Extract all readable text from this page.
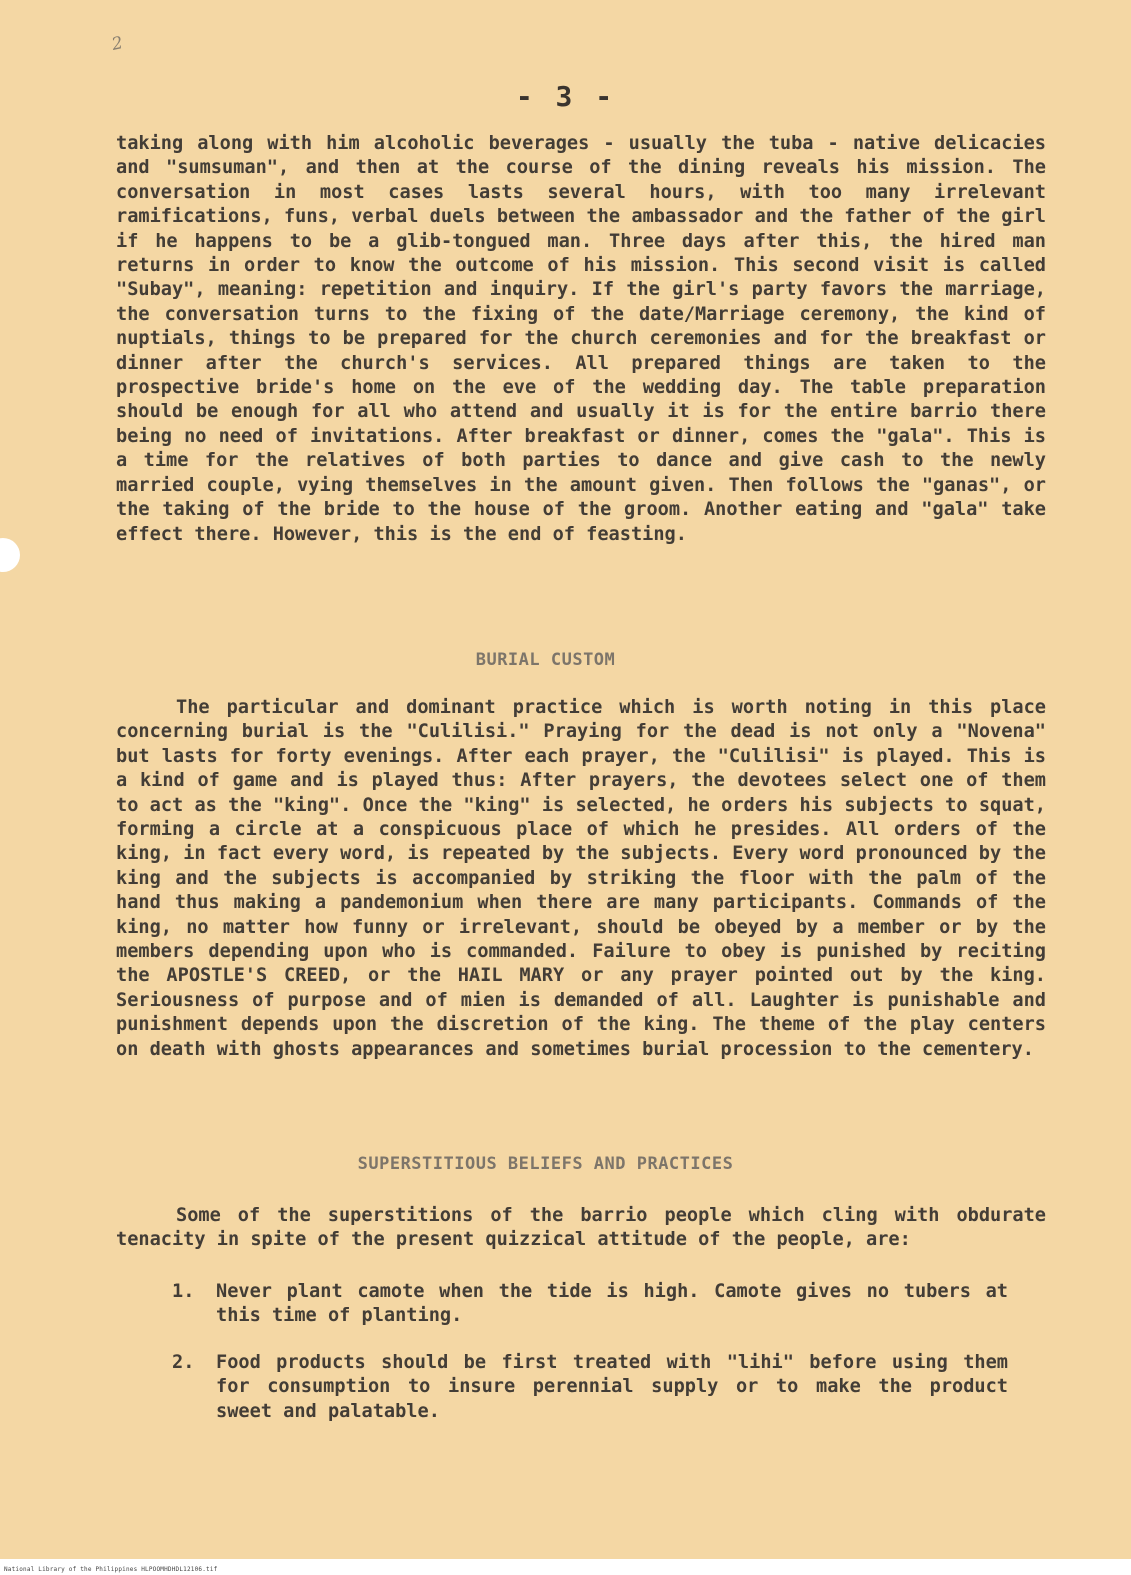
2
- 3 -

taking along with him alcoholic beverages - usually the tuba - native delicacies and "sumsuman", and then at the course of the dining reveals his mission. The conversation in most cases lasts several hours, with too many irrelevant ramifications, funs, verbal duels between the ambassador and the father of the girl if he happens to be a glib-tongued man. Three days after this, the hired man returns in order to know the outcome of his mission. This second visit is called "Subay", meaning: repetition and inquiry. If the girl's party favors the marriage, the conversation turns to the fixing of the date/Marriage ceremony, the kind of nuptials, things to be prepared for the church ceremonies and for the breakfast or dinner after the church's services. All prepared things are taken to the prospective bride's home on the eve of the wedding day. The table preparation should be enough for all who attend and usually it is for the entire barrio there being no need of invitations. After breakfast or dinner, comes the "gala". This is a time for the relatives of both parties to dance and give cash to the newly married couple, vying themselves in the amount given. Then follows the "ganas", or the taking of the bride to the house of the groom. Another eating and "gala" take effect there. However, this is the end of feasting.

BURIAL CUSTOM

The particular and dominant practice which is worth noting in this place concerning burial is the "Culilisi." Praying for the dead is not only a "Novena" but lasts for forty evenings. After each prayer, the "Culilisi" is played. This is a kind of game and is played thus: After prayers, the devotees select one of them to act as the "king". Once the "king" is selected, he orders his subjects to squat, forming a circle at a conspicuous place of which he presides. All orders of the king, in fact every word, is repeated by the subjects. Every word pronounced by the king and the subjects is accompanied by striking the floor with the palm of the hand thus making a pandemonium when there are many participants. Commands of the king, no matter how funny or irrelevant, should be obeyed by a member or by the members depending upon who is commanded. Failure to obey is punished by reciting the APOSTLE'S CREED, or the HAIL MARY or any prayer pointed out by the king. Seriousness of purpose and of mien is demanded of all. Laughter is punishable and punishment depends upon the discretion of the king. The theme of the play centers on death with ghosts appearances and sometimes burial procession to the cementery.

SUPERSTITIOUS BELIEFS AND PRACTICES

Some of the superstitions of the barrio people which cling with obdurate tenacity in spite of the present quizzical attitude of the people, are:

1.	Never plant camote when the tide is high. Camote gives no tubers at this time of planting.
2.	Food products should be first treated with "lihi" before using them for consumption to insure perennial supply or to make the product sweet and palatable.
National Library of the Philippines HLPOOMHDHDL12106.tif
